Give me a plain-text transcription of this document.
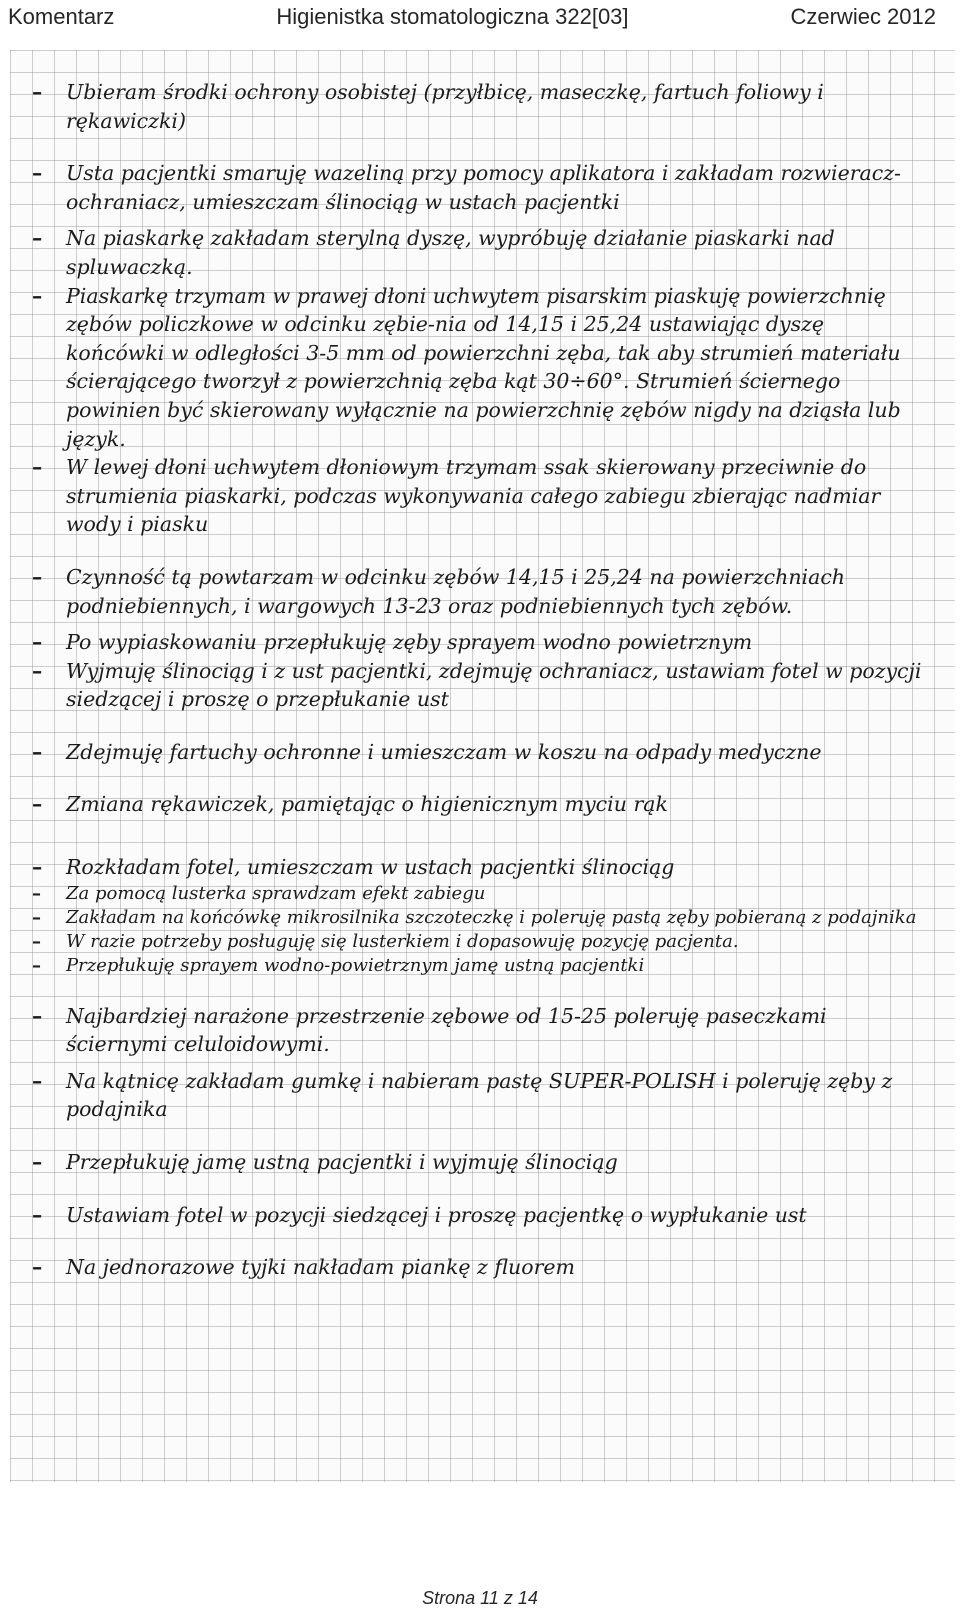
Komentarz	Higienistka stomatologiczna 322[03]	Czerwiec 2012

– Ubieram środki ochrony osobistej (przyłbicę, maseczkę, fartuch foliowy i rękawiczki)

– Usta pacjentki smaruję wazeliną przy pomocy aplikatora i zakładam rozwieracz-ochraniacz, umieszczam ślinociąg w ustach pacjentki

– Na piaskarkę zakładam sterylną dyszę, wypróbuję działanie piaskarki nad spluwaczką.

– Piaskarkę trzymam w prawej dłoni uchwytem pisarskim piaskuję powierzchnię zębów policzkowe w odcinku zębie-nia od 14,15 i 25,24 ustawiając dyszę końcówki w odległości 3-5 mm od powierzchni zęba, tak aby strumień materiału ścierającego tworzył z powierzchnią zęba kąt 30÷60°. Strumień ściernego powinien być skierowany wyłącznie na powierzchnię zębów nigdy na dziąsła lub język.

– W lewej dłoni uchwytem dłoniowym trzymam ssak skierowany przeciwnie do strumienia piaskarki, podczas wykonywania całego zabiegu zbierając nadmiar wody i piasku

– Czynność tą powtarzam w odcinku zębów 14,15 i 25,24 na powierzchniach podniebiennych, i wargowych 13-23 oraz podniebiennych tych zębów.

– Po wypiaskowaniu przepłukuję zęby sprayem wodno powietrznym

– Wyjmuję ślinociąg i z ust pacjentki, zdejmuję ochraniacz, ustawiam fotel w pozycji siedzącej i proszę o przepłukanie ust

– Zdejmuję fartuchy ochronne i umieszczam w koszu na odpady medyczne

– Zmiana rękawiczek, pamiętając o higienicznym myciu rąk

– Rozkładam fotel, umieszczam w ustach pacjentki ślinociąg

– Za pomocą lusterka sprawdzam efekt zabiegu

– Zakładam na końcówkę mikrosilnika szczoteczkę i poleruję pastą zęby pobieraną z podajnika

– W razie potrzeby posługuję się lusterkiem i dopasowuję pozycję pacjenta.

– Przepłukuję sprayem wodno-powietrznym jamę ustną pacjentki

– Najbardziej narażone przestrzenie zębowe od 15-25 poleruję paseczkami ściernymi celuloidowymi.

– Na kątnicę zakładam gumkę i nabieram pastę SUPER-POLISH i poleruję zęby z podajnika

– Przepłukuję jamę ustną pacjentki i wyjmuję ślinociąg

– Ustawiam fotel w pozycji siedzącej i proszę pacjentkę o wypłukanie ust

– Na jednorazowe tyjki nakładam piankę z fluorem

Strona 11 z 14
